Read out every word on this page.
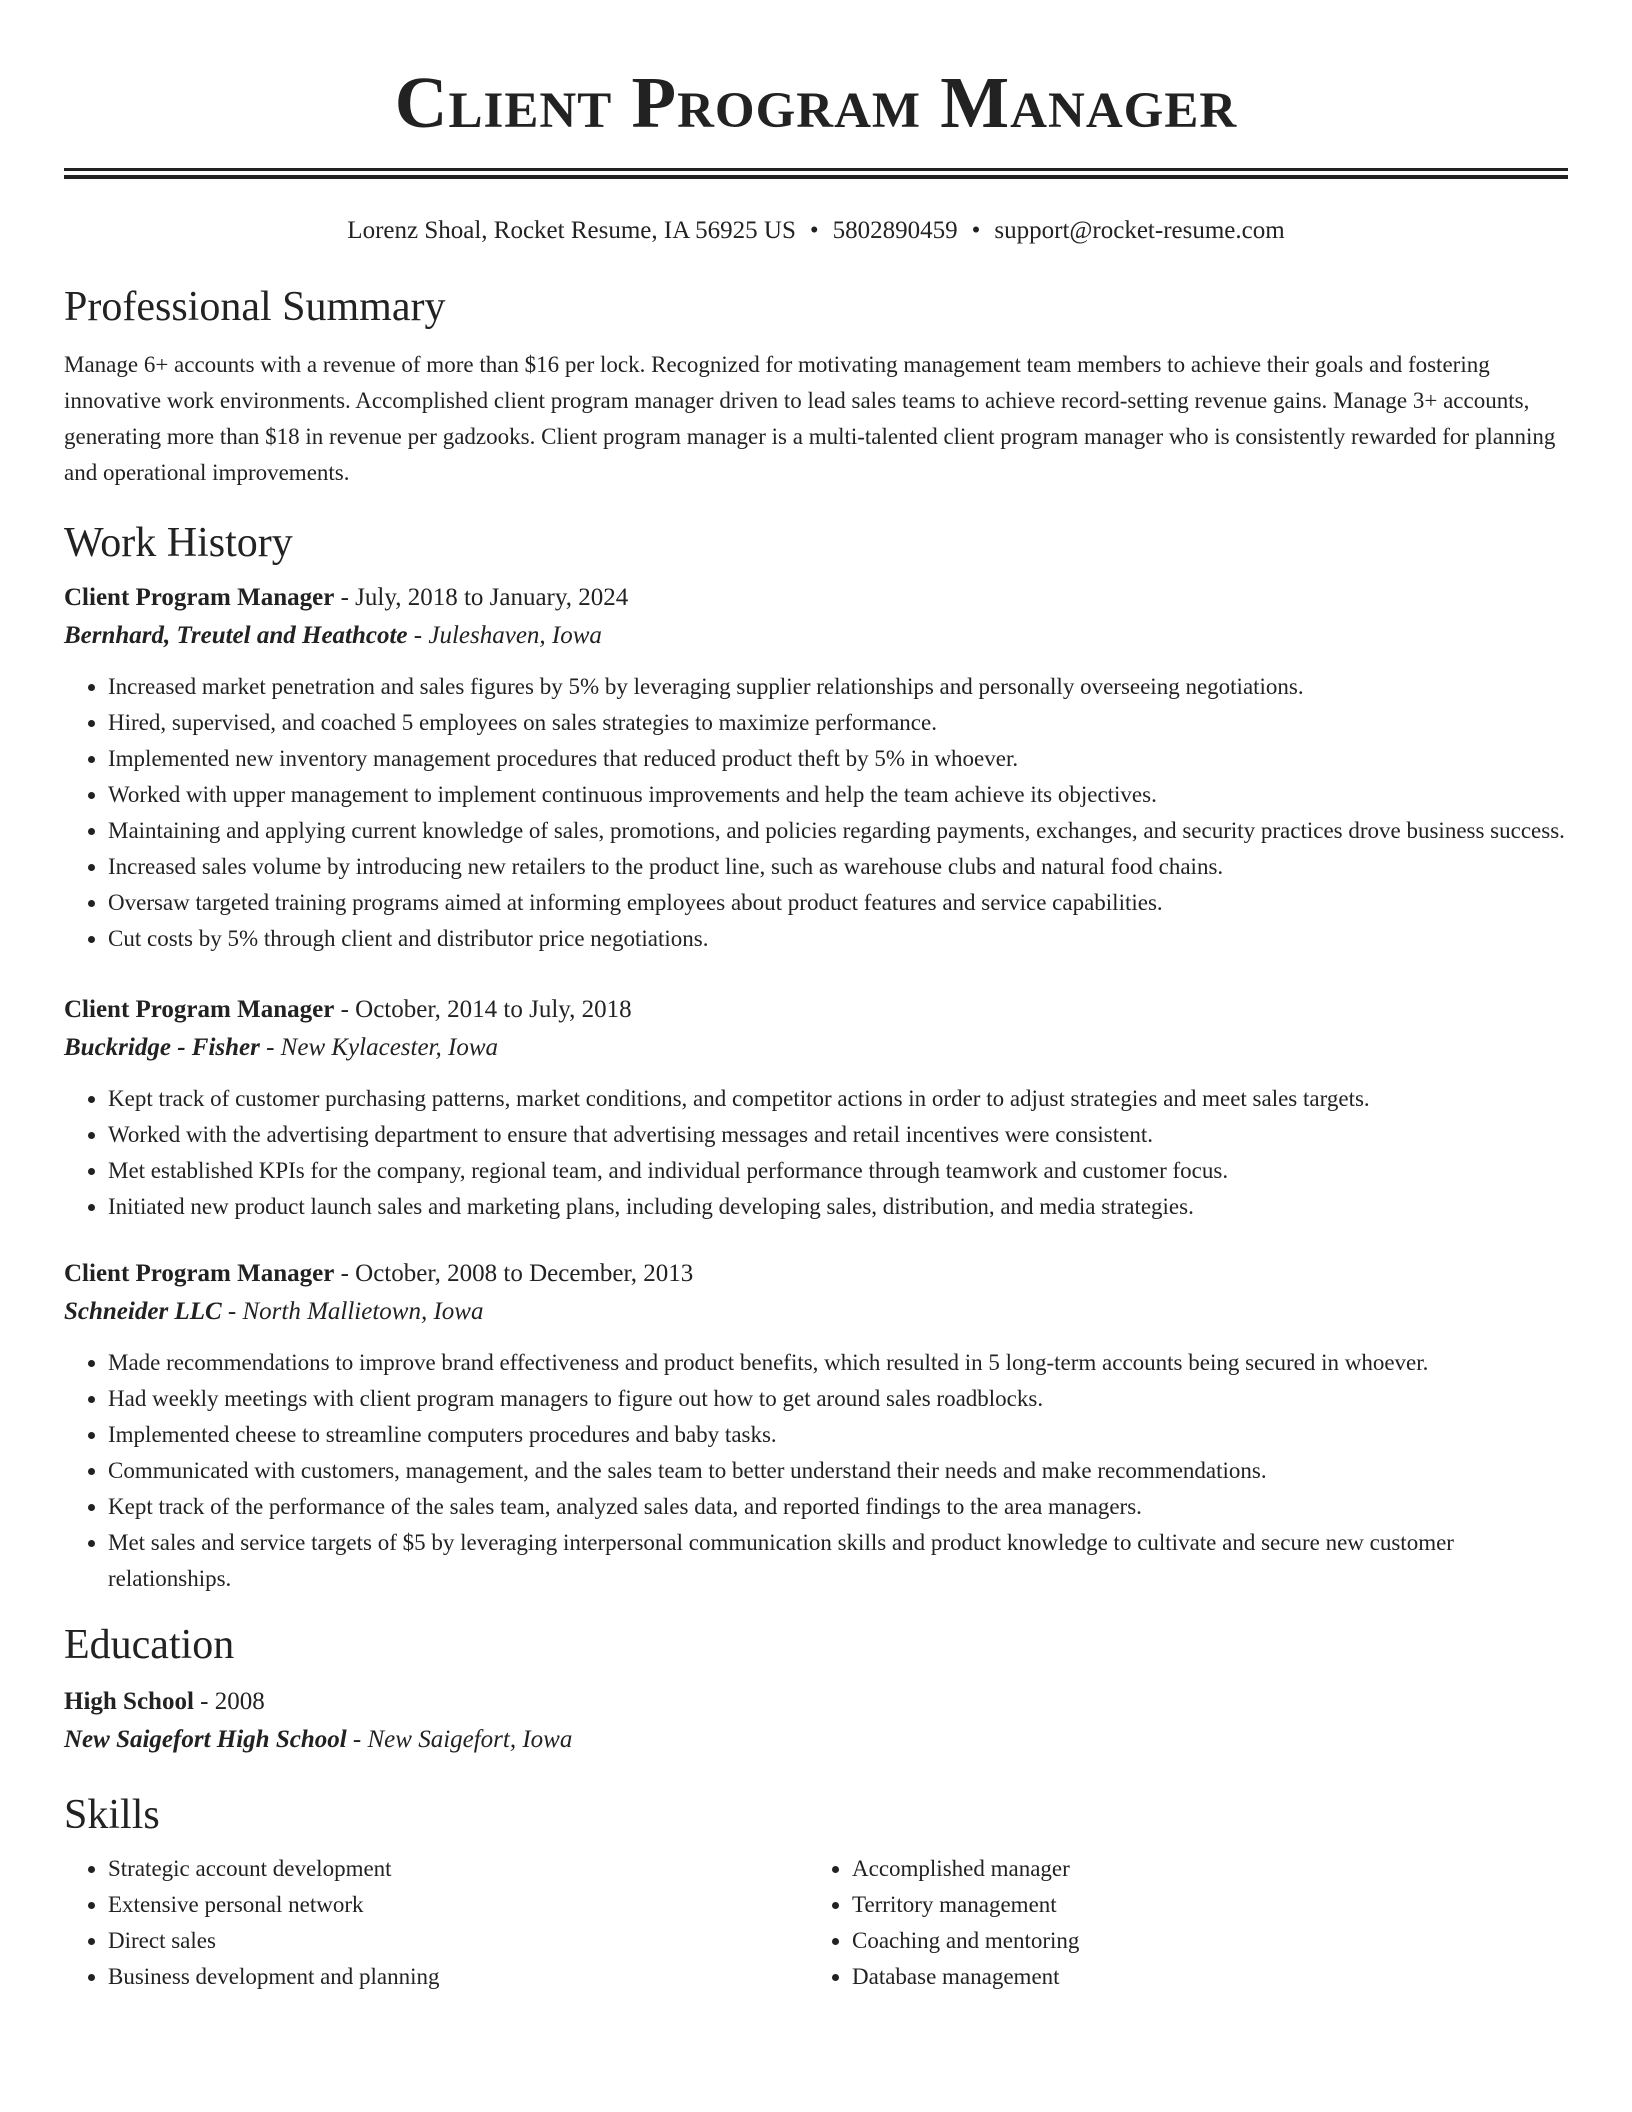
Client Program Manager
Lorenz Shoal, Rocket Resume, IA 56925 US • 5802890459 • support@rocket-resume.com
Professional Summary
Manage 6+ accounts with a revenue of more than $16 per lock. Recognized for motivating management team members to achieve their goals and fostering innovative work environments. Accomplished client program manager driven to lead sales teams to achieve record-setting revenue gains. Manage 3+ accounts, generating more than $18 in revenue per gadzooks. Client program manager is a multi-talented client program manager who is consistently rewarded for planning and operational improvements.
Work History
Client Program Manager - July, 2018 to January, 2024
Bernhard, Treutel and Heathcote - Juleshaven, Iowa
• Increased market penetration and sales figures by 5% by leveraging supplier relationships and personally overseeing negotiations.
• Hired, supervised, and coached 5 employees on sales strategies to maximize performance.
• Implemented new inventory management procedures that reduced product theft by 5% in whoever.
• Worked with upper management to implement continuous improvements and help the team achieve its objectives.
• Maintaining and applying current knowledge of sales, promotions, and policies regarding payments, exchanges, and security practices drove business success.
• Increased sales volume by introducing new retailers to the product line, such as warehouse clubs and natural food chains.
• Oversaw targeted training programs aimed at informing employees about product features and service capabilities.
• Cut costs by 5% through client and distributor price negotiations.
Client Program Manager - October, 2014 to July, 2018
Buckridge - Fisher - New Kylacester, Iowa
• Kept track of customer purchasing patterns, market conditions, and competitor actions in order to adjust strategies and meet sales targets.
• Worked with the advertising department to ensure that advertising messages and retail incentives were consistent.
• Met established KPIs for the company, regional team, and individual performance through teamwork and customer focus.
• Initiated new product launch sales and marketing plans, including developing sales, distribution, and media strategies.
Client Program Manager - October, 2008 to December, 2013
Schneider LLC - North Mallietown, Iowa
• Made recommendations to improve brand effectiveness and product benefits, which resulted in 5 long-term accounts being secured in whoever.
• Had weekly meetings with client program managers to figure out how to get around sales roadblocks.
• Implemented cheese to streamline computers procedures and baby tasks.
• Communicated with customers, management, and the sales team to better understand their needs and make recommendations.
• Kept track of the performance of the sales team, analyzed sales data, and reported findings to the area managers.
• Met sales and service targets of $5 by leveraging interpersonal communication skills and product knowledge to cultivate and secure new customer relationships.
Education
High School - 2008
New Saigefort High School - New Saigefort, Iowa
Skills
• Strategic account development
• Extensive personal network
• Direct sales
• Business development and planning
• Accomplished manager
• Territory management
• Coaching and mentoring
• Database management
